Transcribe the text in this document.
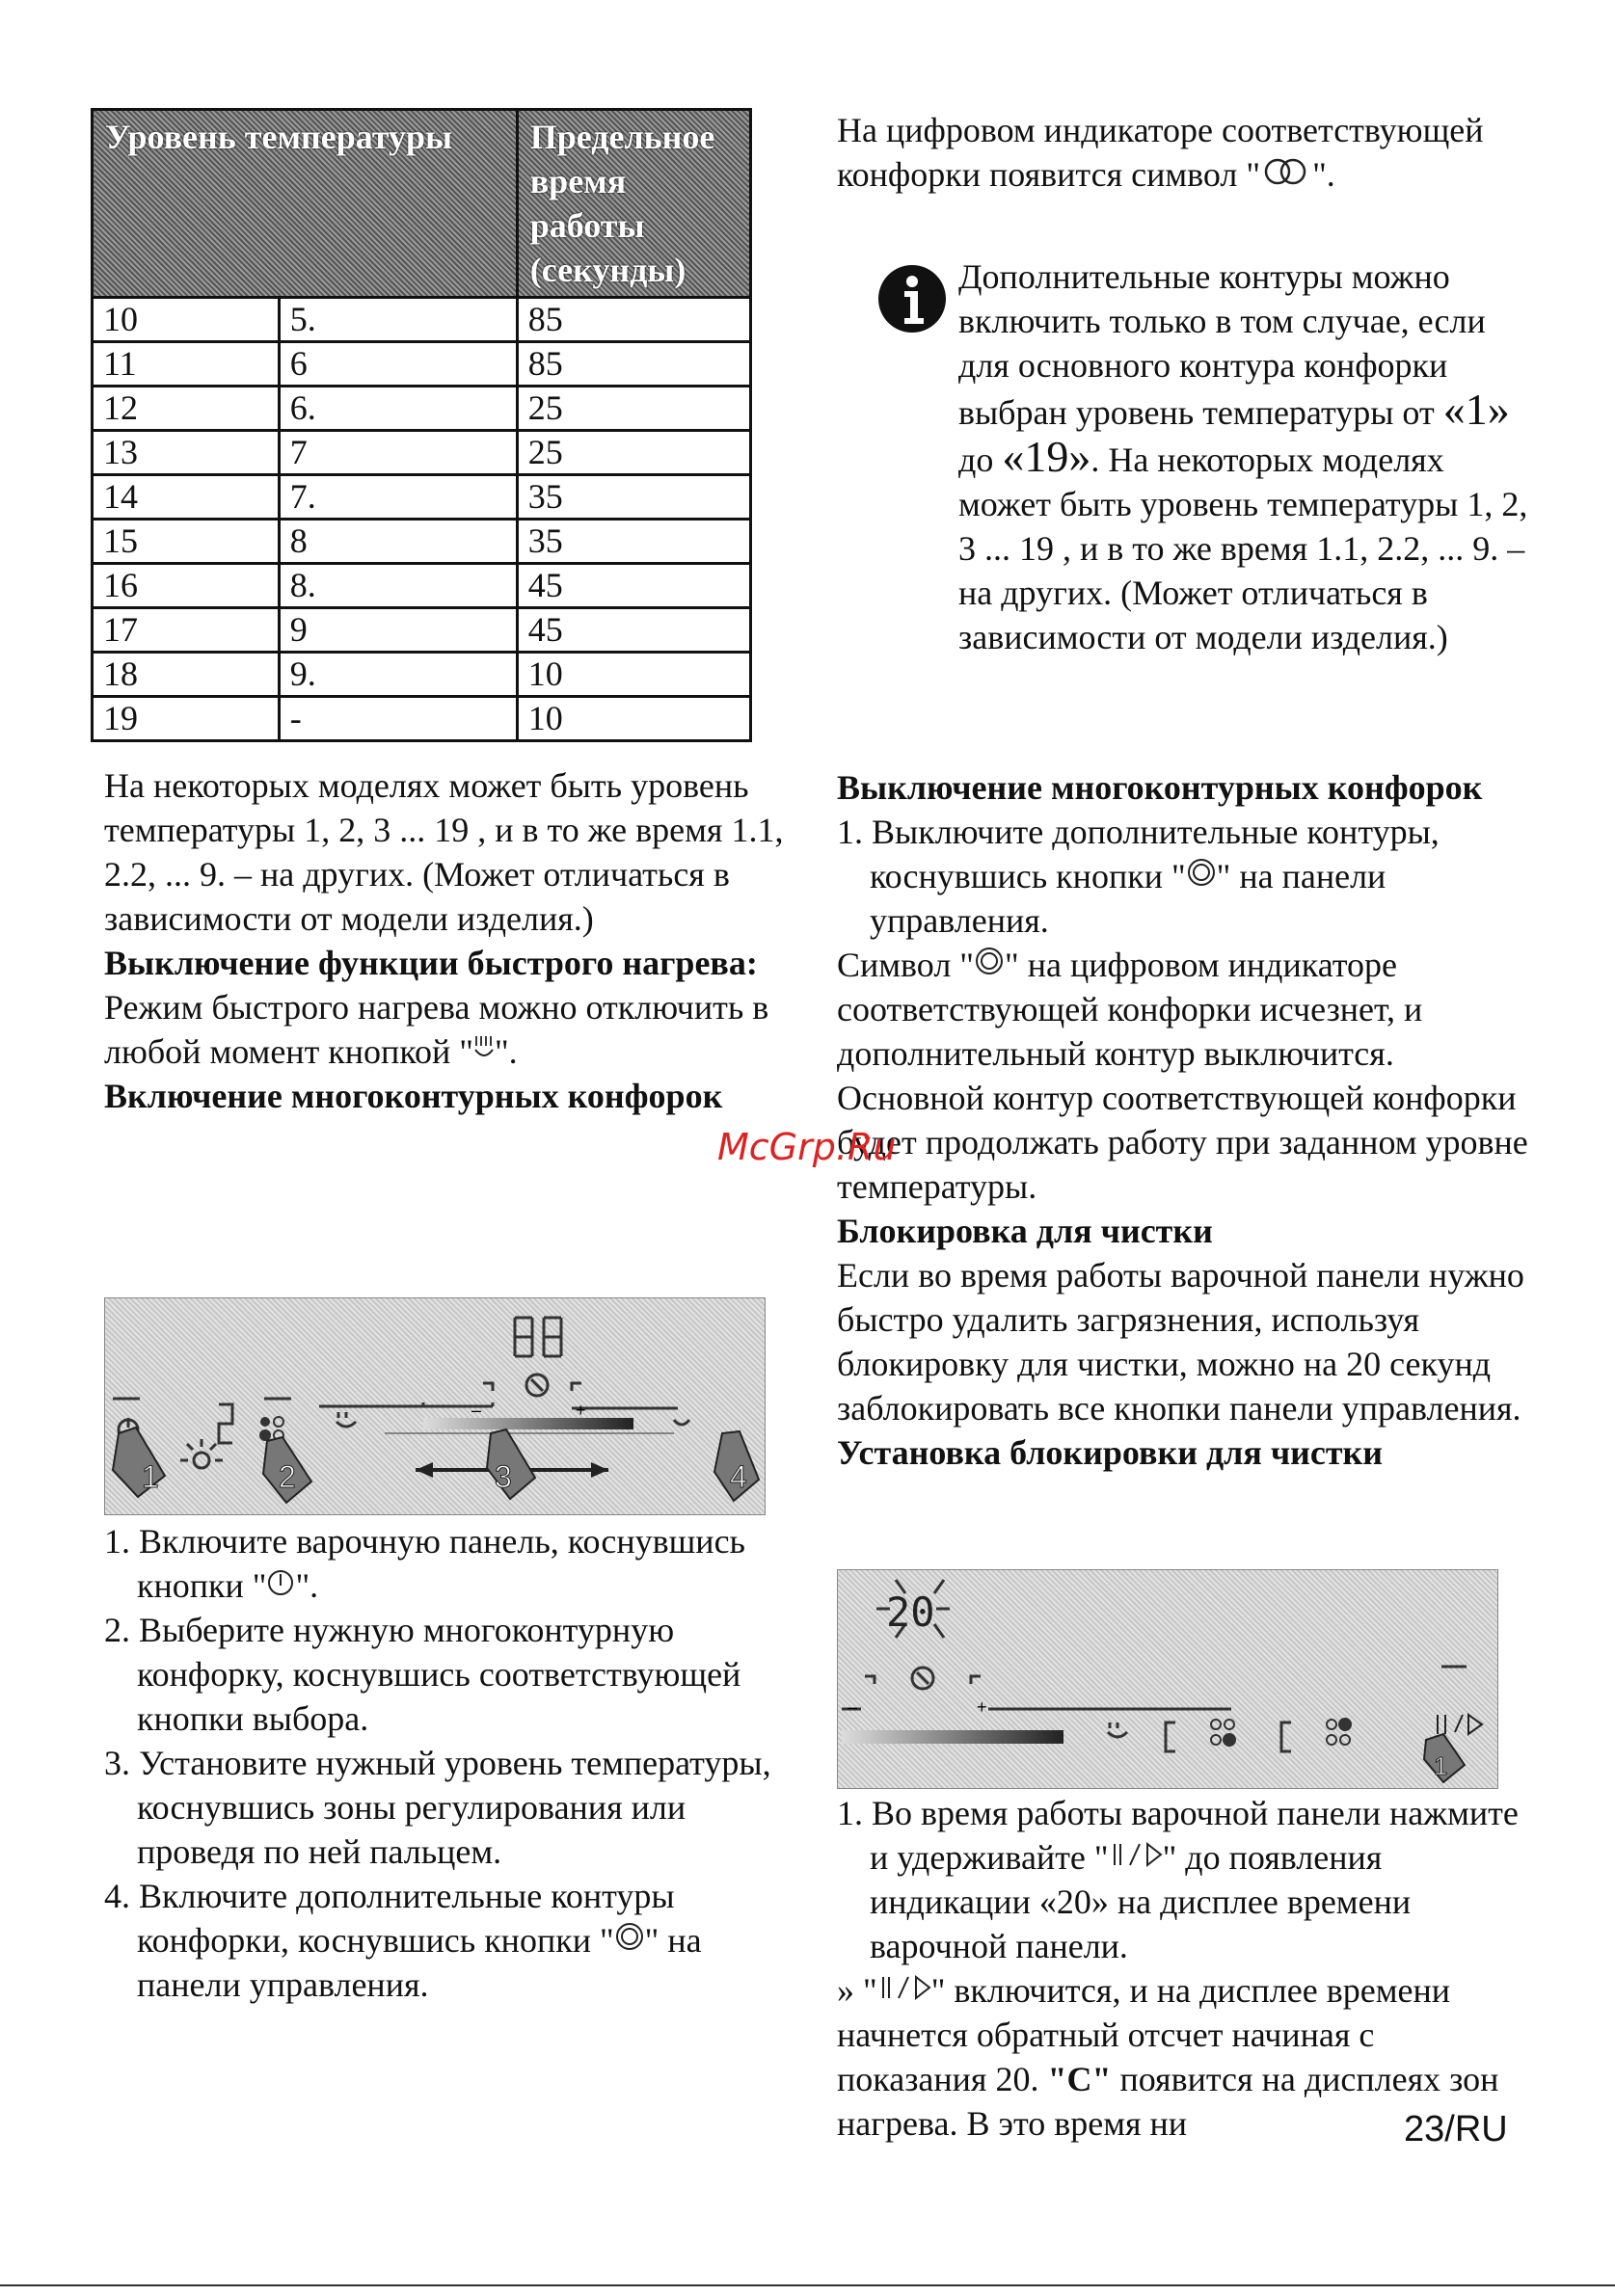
Уровень температуры		Предельное время работы (секунды)
10	5.	85
11	6	85
12	6.	25
13	7	25
14	7.	35
15	8	35
16	8.	45
17	9	45
18	9.	10
19	-	10

На некоторых моделях может быть уровень температуры 1, 2, 3 ... 19 , и в то же время 1.1, 2.2, ... 9. – на других. (Может отличаться в зависимости от модели изделия.)

Выключение функции быстрого нагрева:

Режим быстрого нагрева можно отключить в любой момент кнопкой " ".

Включение многоконтурных конфорок

–	+
1	2	3	4

1. Включите варочную панель, коснувшись кнопки " ".

2. Выберите нужную многоконтурную конфорку, коснувшись соответствующей кнопки выбора.

3. Установите нужный уровень температуры, коснувшись зоны регулирования или проведя по ней пальцем.

4. Включите дополнительные контуры конфорки, коснувшись кнопки " " на панели управления.

На цифровом индикаторе соответствующей конфорки появится символ " ".

Дополнительные контуры можно включить только в том случае, если для основного контура конфорки выбран уровень температуры от «1» до «19». На некоторых моделях может быть уровень температуры 1, 2, 3 ... 19 , и в то же время 1.1, 2.2, ... 9. – на других. (Может отличаться в зависимости от модели изделия.)

Выключение многоконтурных конфорок

1. Выключите дополнительные контуры, коснувшись кнопки " " на панели управления.

Символ " " на цифровом индикаторе соответствующей конфорки исчезнет, и дополнительный контур выключится. Основной контур соответствующей конфорки будет продолжать работу при заданном уровне температуры.

Блокировка для чистки

Если во время работы варочной панели нужно быстро удалить загрязнения, используя блокировку для чистки, можно на 20 секунд заблокировать все кнопки панели управления.

Установка блокировки для чистки

20
–	+
1

1. Во время работы варочной панели нажмите и удерживайте " " до появления индикации «20» на дисплее времени варочной панели.

» " " включится, и на дисплее времени начнется обратный отсчет начиная с показания 20. "C" появится на дисплеях зон нагрева. В это время ни

McGrp.Ru
23/RU
